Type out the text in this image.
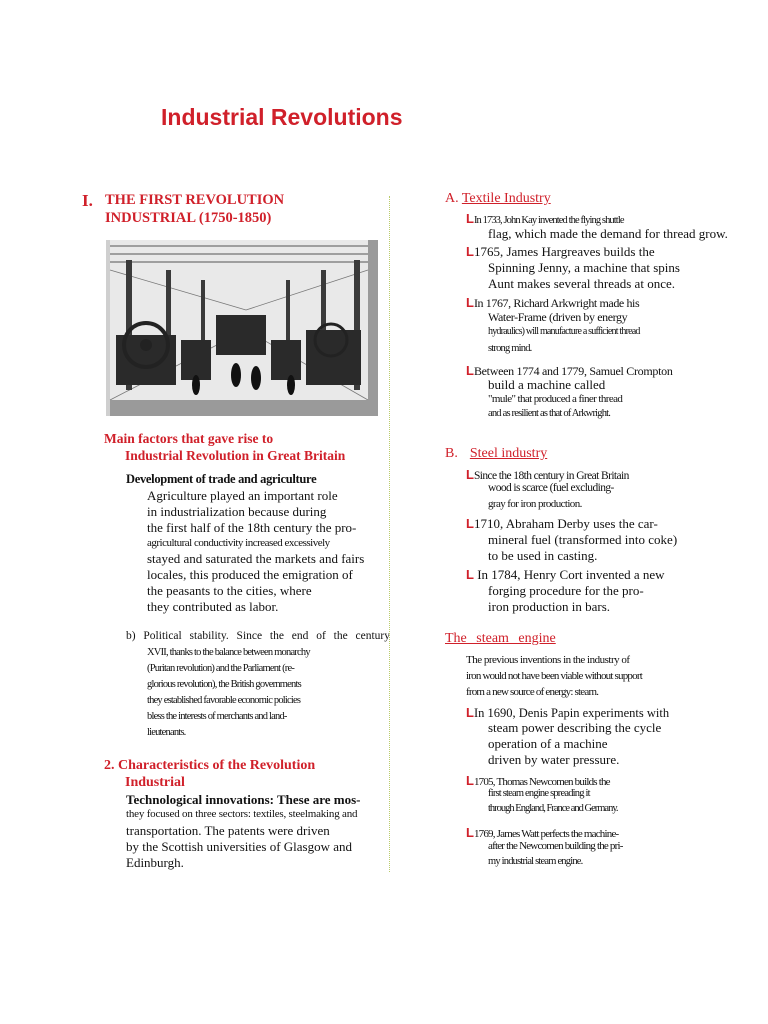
Industrial Revolutions
I. THE FIRST REVOLUTION
INDUSTRIAL (1750-1850)
Main factors that gave rise to
Industrial Revolution in Great Britain
Development of trade and agriculture
Agriculture played an important role
in industrialization because during
the first half of the 18th century the pro-
agricultural conductivity increased excessively
stayed and saturated the markets and fairs
locales, this produced the emigration of
the peasants to the cities, where
they contributed as labor.
b) Political stability. Since the end of the century
XVII, thanks to the balance between monarchy
(Puritan revolution) and the Parliament (re-
glorious revolution), the British governments
they established favorable economic policies
bless the interests of merchants and land-
lieutenants.
2. Characteristics of the Revolution
Industrial
Technological innovations: These are mos-
they focused on three sectors: textiles, steelmaking and
transportation. The patents were driven
by the Scottish universities of Glasgow and
Edinburgh.
A. Textile Industry
LIn 1733, John Kay invented the flying shuttle
flag, which made the demand for thread grow.
L1765, James Hargreaves builds the
Spinning Jenny, a machine that spins
Aunt makes several threads at once.
LIn 1767, Richard Arkwright made his
Water-Frame (driven by energy
hydraulics) will manufacture a sufficient thread
strong mind.
LBetween 1774 and 1779, Samuel Crompton
build a machine called
"mule" that produced a finer thread
and as resilient as that of Arkwright.
B. Steel industry
LSince the 18th century in Great Britain
wood is scarce (fuel excluding-
gray for iron production.
L1710, Abraham Derby uses the car-
mineral fuel (transformed into coke)
to be used in casting.
L In 1784, Henry Cort invented a new
forging procedure for the pro-
iron production in bars.
The steam engine
The previous inventions in the industry of
iron would not have been viable without support
from a new source of energy: steam.
LIn 1690, Denis Papin experiments with
steam power describing the cycle
operation of a machine
driven by water pressure.
L1705, Thomas Newcomen builds the
first steam engine spreading it
through England, France and Germany.
L1769, James Watt perfects the machine-
after the Newcomen building the pri-
my industrial steam engine.
